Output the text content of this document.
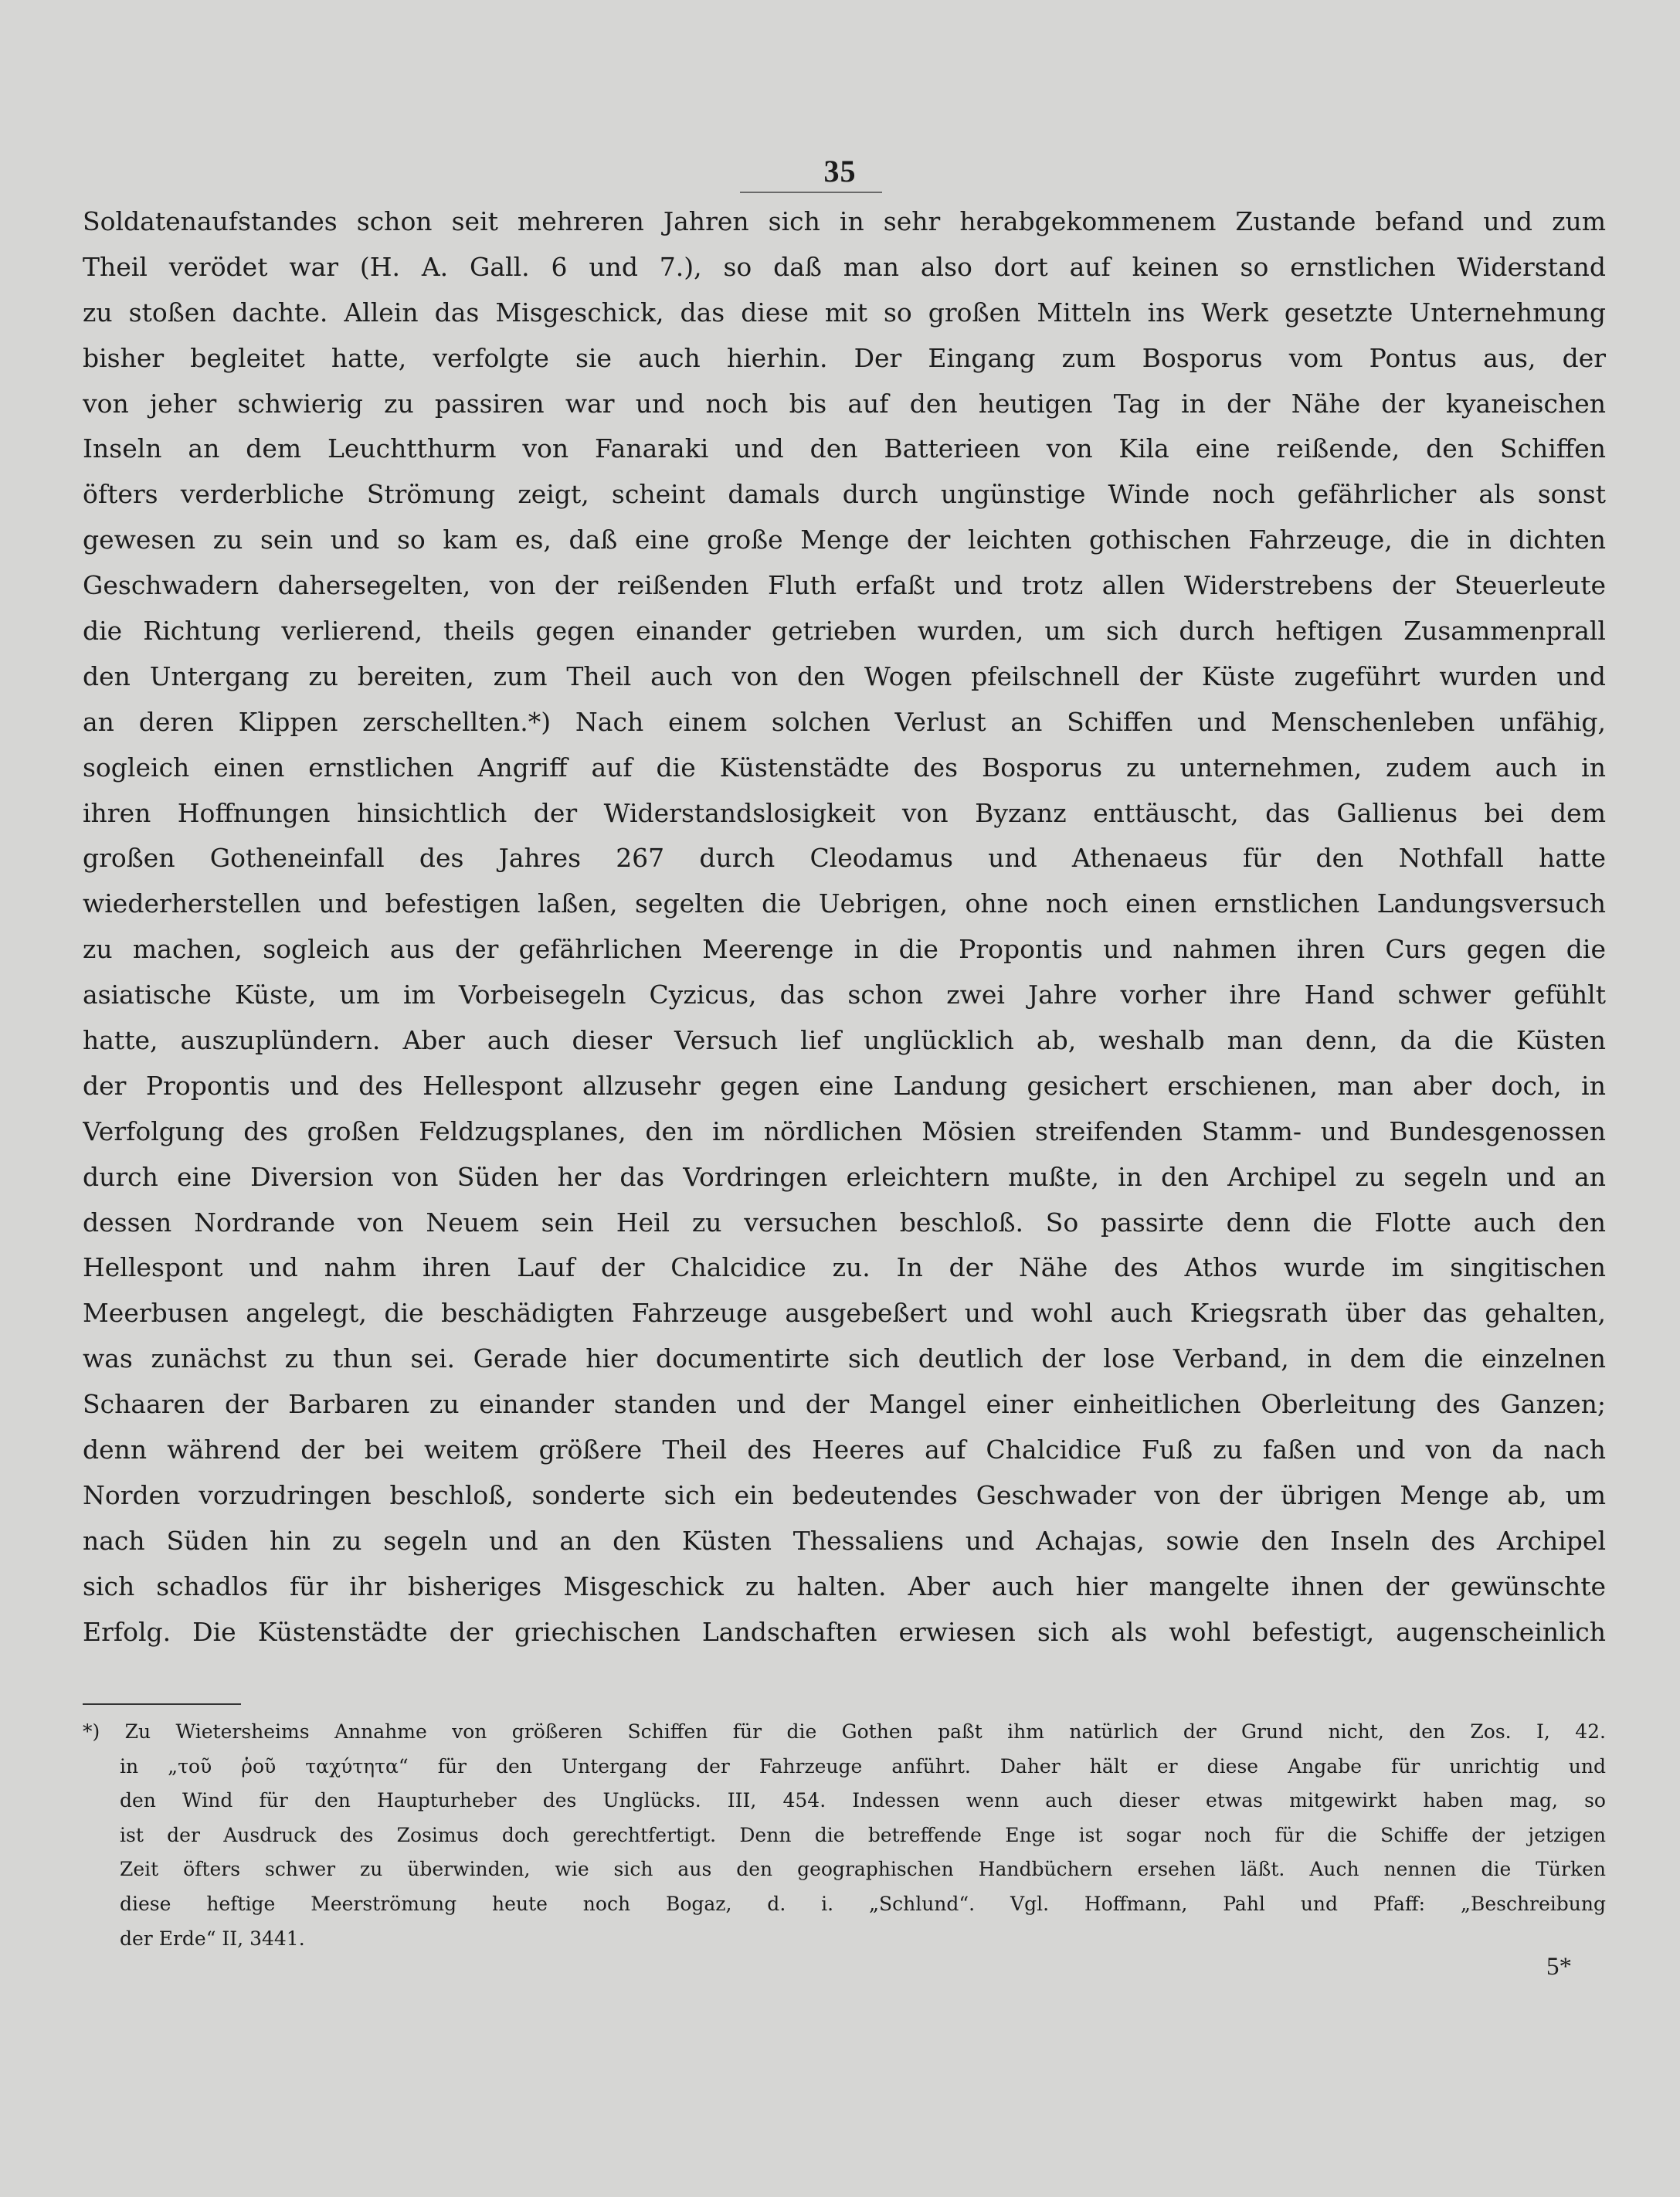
35
Soldatenaufstandes schon seit mehreren Jahren sich in sehr herabgekommenem Zustande befand und zum
Theil verödet war (H. A. Gall. 6 und 7.), so daß man also dort auf keinen so ernstlichen Widerstand
zu stoßen dachte. Allein das Misgeschick, das diese mit so großen Mitteln ins Werk gesetzte Unternehmung
bisher begleitet hatte, verfolgte sie auch hierhin. Der Eingang zum Bosporus vom Pontus aus, der
von jeher schwierig zu passiren war und noch bis auf den heutigen Tag in der Nähe der kyaneischen
Inseln an dem Leuchtthurm von Fanaraki und den Batterieen von Kila eine reißende, den Schiffen
öfters verderbliche Strömung zeigt, scheint damals durch ungünstige Winde noch gefährlicher als sonst
gewesen zu sein und so kam es, daß eine große Menge der leichten gothischen Fahrzeuge, die in dichten
Geschwadern dahersegelten, von der reißenden Fluth erfaßt und trotz allen Widerstrebens der Steuerleute
die Richtung verlierend, theils gegen einander getrieben wurden, um sich durch heftigen Zusammenprall
den Untergang zu bereiten, zum Theil auch von den Wogen pfeilschnell der Küste zugeführt wurden und
an deren Klippen zerschellten.*) Nach einem solchen Verlust an Schiffen und Menschenleben unfähig,
sogleich einen ernstlichen Angriff auf die Küstenstädte des Bosporus zu unternehmen, zudem auch in
ihren Hoffnungen hinsichtlich der Widerstandslosigkeit von Byzanz enttäuscht, das Gallienus bei dem
großen Gotheneinfall des Jahres 267 durch Cleodamus und Athenaeus für den Nothfall hatte
wiederherstellen und befestigen laßen, segelten die Uebrigen, ohne noch einen ernstlichen Landungsversuch
zu machen, sogleich aus der gefährlichen Meerenge in die Propontis und nahmen ihren Curs gegen die
asiatische Küste, um im Vorbeisegeln Cyzicus, das schon zwei Jahre vorher ihre Hand schwer gefühlt
hatte, auszuplündern. Aber auch dieser Versuch lief unglücklich ab, weshalb man denn, da die Küsten
der Propontis und des Hellespont allzusehr gegen eine Landung gesichert erschienen, man aber doch, in
Verfolgung des großen Feldzugsplanes, den im nördlichen Mösien streifenden Stamm- und Bundesgenossen
durch eine Diversion von Süden her das Vordringen erleichtern mußte, in den Archipel zu segeln und an
dessen Nordrande von Neuem sein Heil zu versuchen beschloß. So passirte denn die Flotte auch den
Hellespont und nahm ihren Lauf der Chalcidice zu. In der Nähe des Athos wurde im singitischen
Meerbusen angelegt, die beschädigten Fahrzeuge ausgebeßert und wohl auch Kriegsrath über das gehalten,
was zunächst zu thun sei. Gerade hier documentirte sich deutlich der lose Verband, in dem die einzelnen
Schaaren der Barbaren zu einander standen und der Mangel einer einheitlichen Oberleitung des Ganzen;
denn während der bei weitem größere Theil des Heeres auf Chalcidice Fuß zu faßen und von da nach
Norden vorzudringen beschloß, sonderte sich ein bedeutendes Geschwader von der übrigen Menge ab, um
nach Süden hin zu segeln und an den Küsten Thessaliens und Achajas, sowie den Inseln des Archipel
sich schadlos für ihr bisheriges Misgeschick zu halten. Aber auch hier mangelte ihnen der gewünschte
Erfolg. Die Küstenstädte der griechischen Landschaften erwiesen sich als wohl befestigt, augenscheinlich
*) Zu Wietersheims Annahme von größeren Schiffen für die Gothen paßt ihm natürlich der Grund nicht, den Zos. I, 42.
in „τοῦ ῥοῦ ταχύτητα“ für den Untergang der Fahrzeuge anführt. Daher hält er diese Angabe für unrichtig und
den Wind für den Haupturheber des Unglücks. III, 454. Indessen wenn auch dieser etwas mitgewirkt haben mag, so
ist der Ausdruck des Zosimus doch gerechtfertigt. Denn die betreffende Enge ist sogar noch für die Schiffe der jetzigen
Zeit öfters schwer zu überwinden, wie sich aus den geographischen Handbüchern ersehen läßt. Auch nennen die Türken
diese heftige Meerströmung heute noch Bogaz, d. i. „Schlund“. Vgl. Hoffmann, Pahl und Pfaff: „Beschreibung
der Erde“ II, 3441.
5*
